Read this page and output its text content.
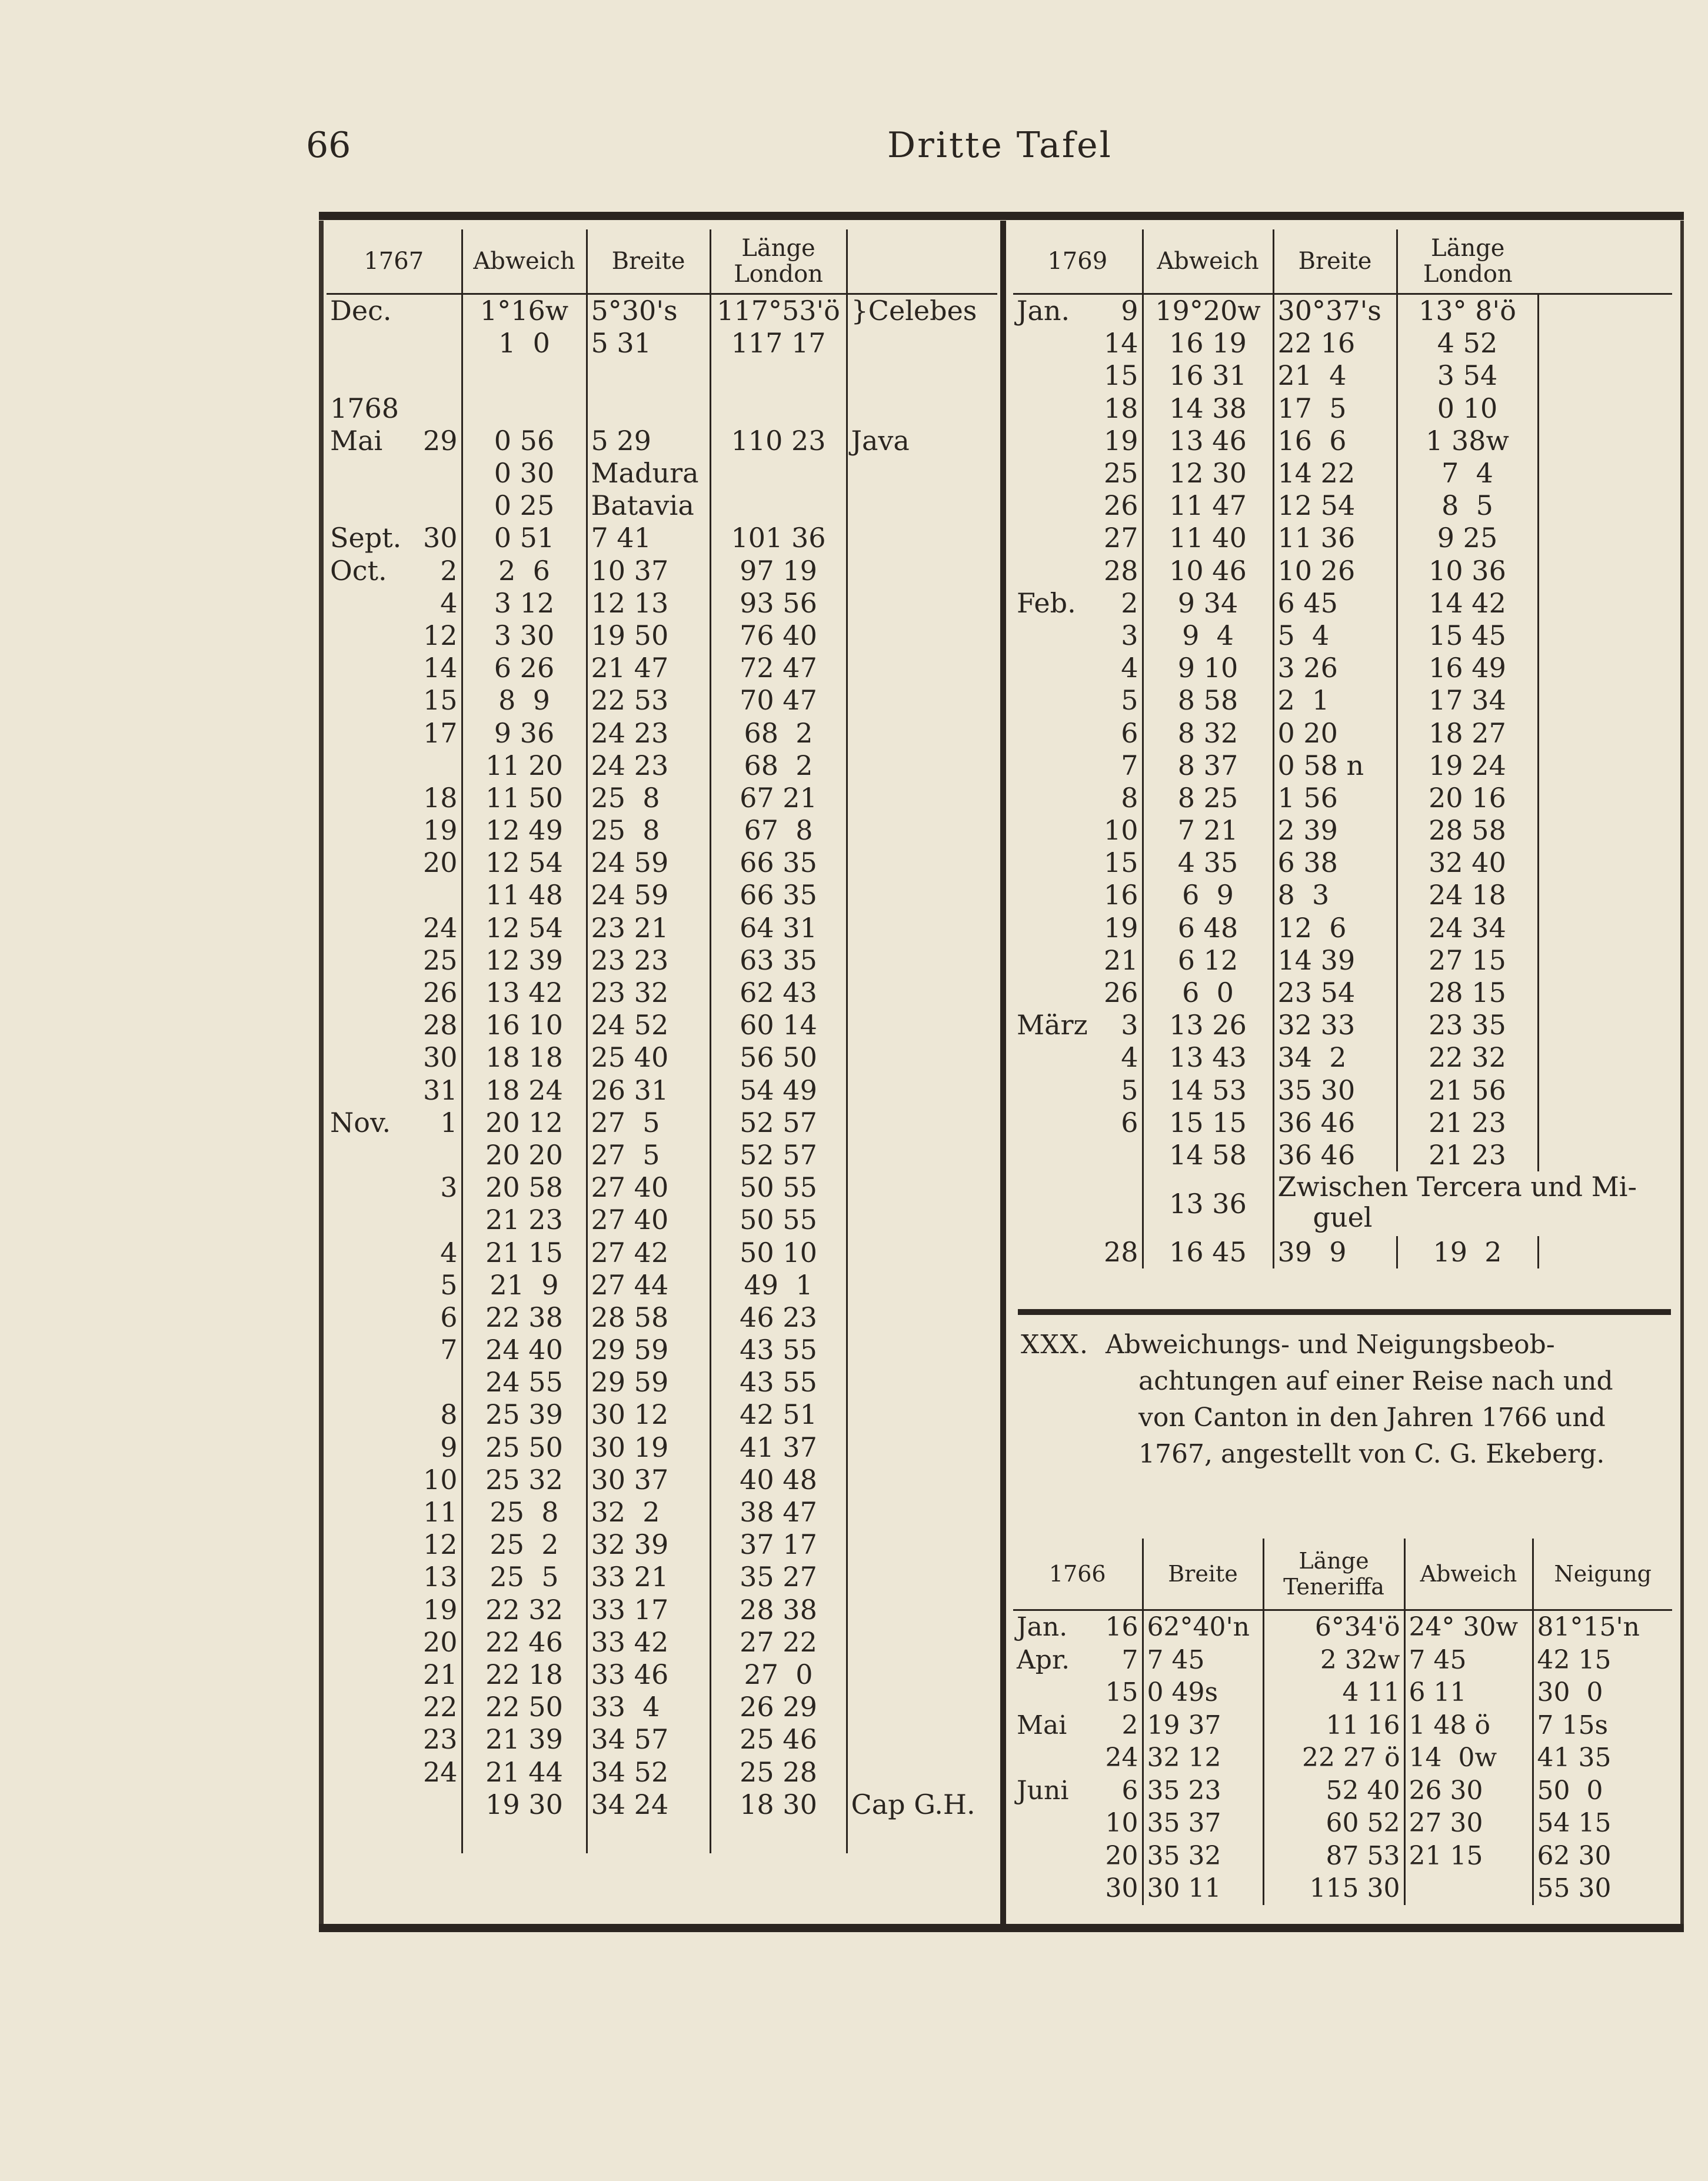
66	Dritte Tafel
1767		Abweich	Breite	Länge London	
Dec.		1°16w	5°30's	117°53'ö	}Celebes
		1  0	5 31	117 17	

1768					
Mai	29	0 56	5 29	110 23	Java
		0 30	Madura		
		0 25	Batavia		
Sept.	30	0 51	7 41	101 36	
Oct.	2	2  6	10 37	97 19	
	4	3 12	12 13	93 56	
	12	3 30	19 50	76 40	
	14	6 26	21 47	72 47	
	15	8  9	22 53	70 47	
	17	9 36	24 23	68  2	
		11 20	24 23	68  2	
	18	11 50	25  8	67 21	
	19	12 49	25  8	67  8	
	20	12 54	24 59	66 35	
		11 48	24 59	66 35	
	24	12 54	23 21	64 31	
	25	12 39	23 23	63 35	
	26	13 42	23 32	62 43	
	28	16 10	24 52	60 14	
	30	18 18	25 40	56 50	
	31	18 24	26 31	54 49	
Nov.	1	20 12	27  5	52 57	
		20 20	27  5	52 57	
	3	20 58	27 40	50 55	
		21 23	27 40	50 55	
	4	21 15	27 42	50 10	
	5	21  9	27 44	49  1	
	6	22 38	28 58	46 23	
	7	24 40	29 59	43 55	
		24 55	29 59	43 55	
	8	25 39	30 12	42 51	
	9	25 50	30 19	41 37	
	10	25 32	30 37	40 48	
	11	25  8	32  2	38 47	
	12	25  2	32 39	37 17	
	13	25  5	33 21	35 27	
	19	22 32	33 17	28 38	
	20	22 46	33 42	27 22	
	21	22 18	33 46	27  0	
	22	22 50	33  4	26 29	
	23	21 39	34 57	25 46	
	24	21 44	34 52	25 28	
		19 30	34 24	18 30	Cap G.H.

1769		Abweich	Breite	Länge London	
Jan.	9	19°20w	30°37's	13° 8'ö	
	14	16 19	22 16	4 52	
	15	16 31	21  4	3 54	
	18	14 38	17  5	0 10	
	19	13 46	16  6	1 38w	
	25	12 30	14 22	7  4	
	26	11 47	12 54	8  5	
	27	11 40	11 36	9 25	
	28	10 46	10 26	10 36	
Feb.	2	9 34	6 45	14 42	
	3	9  4	5  4	15 45	
	4	9 10	3 26	16 49	
	5	8 58	2  1	17 34	
	6	8 32	0 20	18 27	
	7	8 37	0 58 n	19 24	
	8	8 25	1 56	20 16	
	10	7 21	2 39	28 58	
	15	4 35	6 38	32 40	
	16	6  9	8  3	24 18	
	19	6 48	12  6	24 34	
	21	6 12	14 39	27 15	
	26	6  0	23 54	28 15	
März	3	13 26	32 33	23 35	
	4	13 43	34  2	22 32	
	5	14 53	35 30	21 56	
	6	15 15	36 46	21 23	
		14 58	36 46	21 23	
		13 36	Zwischen Tercera und Mi-
guel		

	28	16 45	39  9	19  2	
XXX. Abweichungs- und Neigungsbeob-
achtungen auf einer Reise nach und
von Canton in den Jahren 1766 und
1767, angestellt von C. G. Ekeberg.
1766		Breite	Länge Teneriffa	Abweich	Neigung
Jan.	16	62°40'n	6°34'ö	24° 30w	81°15'n
Apr.	7	7 45	2 32w	7 45	42 15
	15	0 49s	4 11	6 11	30  0
Mai	2	19 37	11 16	1 48 ö	7 15s
	24	32 12	22 27 ö	14  0w	41 35
Juni	6	35 23	52 40	26 30	50  0
	10	35 37	60 52	27 30	54 15
	20	35 32	87 53	21 15	62 30
	30	30 11	115 30		55 30
